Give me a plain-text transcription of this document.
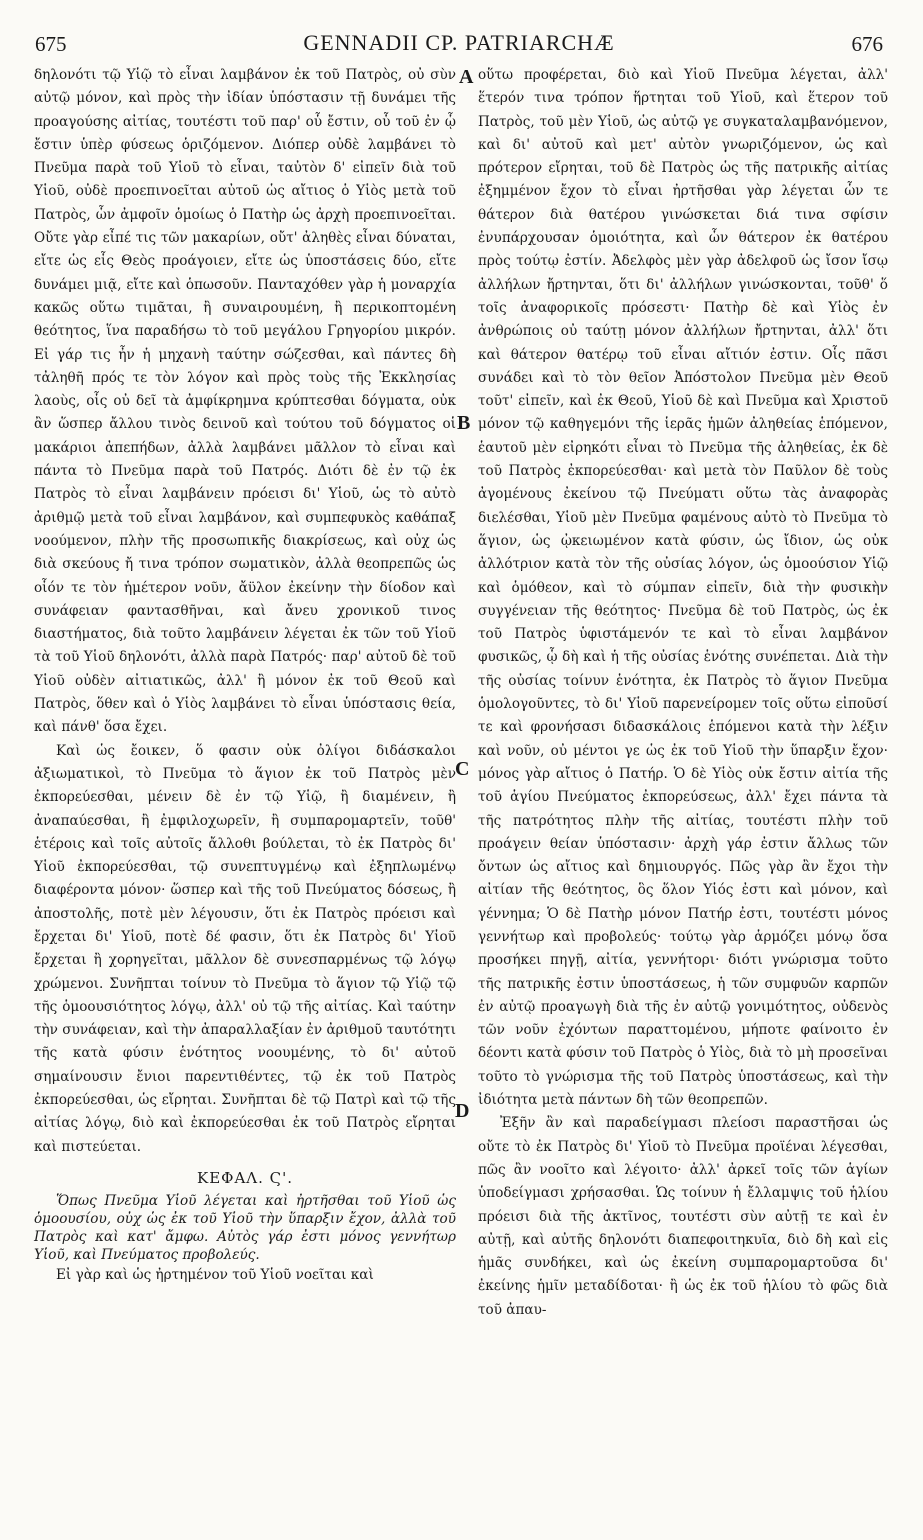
675	GENNADII CP. PATRIARCHÆ	676

δηλονότι τῷ Υἱῷ τὸ εἶναι λαμβάνον ἐκ τοῦ Πατρὸς, οὐ σὺν αὐτῷ μόνον, καὶ πρὸς τὴν ἰδίαν ὑπόστασιν τῇ δυνάμει τῆς προαγούσης αἰτίας, τουτέστι τοῦ παρ' οὗ ἔστιν, οὗ τοῦ ἐν ᾧ ἔστιν ὑπὲρ φύσεως ὁριζόμενον. Διόπερ οὐδὲ λαμβάνει τὸ Πνεῦμα παρὰ τοῦ Υἱοῦ τὸ εἶναι, ταὐτὸν δ' εἰπεῖν διὰ τοῦ Υἱοῦ, οὐδὲ προεπινοεῖται αὐτοῦ ὡς αἴτιος ὁ Υἱὸς μετὰ τοῦ Πατρὸς, ὧν ἀμφοῖν ὁμοίως ὁ Πατὴρ ὡς ἀρχὴ προεπινοεῖται. Οὔτε γὰρ εἶπέ τις τῶν μακαρίων, οὔτ' ἀληθὲς εἶναι δύναται, εἴτε ὡς εἷς Θεὸς προάγοιεν, εἴτε ὡς ὑποστάσεις δύο, εἴτε δυνάμει μιᾷ, εἴτε καὶ ὁπωσοῦν. Πανταχόθεν γὰρ ἡ μοναρχία κακῶς οὕτω τιμᾶται, ἢ συναιρουμένη, ἢ περικοπτομένη θεότητος, ἵνα παραδήσω τὸ τοῦ μεγάλου Γρηγορίου μικρόν. Εἰ γάρ τις ἦν ἡ μηχανὴ ταύτην σώζεσθαι, καὶ πάντες δὴ τἀληθῆ πρός τε τὸν λόγον καὶ πρὸς τοὺς τῆς Ἐκκλησίας λαοὺς, οἷς οὐ δεῖ τὰ ἀμφίκρημνα κρύπτεσθαι δόγματα, οὐκ ἂν ὥσπερ ἄλλου τινὸς δεινοῦ καὶ τούτου τοῦ δόγματος οἱ μακάριοι ἀπεπήδων, ἀλλὰ λαμβάνει μᾶλλον τὸ εἶναι καὶ πάντα τὸ Πνεῦμα παρὰ τοῦ Πατρός. Διότι δὲ ἐν τῷ ἐκ Πατρὸς τὸ εἶναι λαμβάνειν πρόεισι δι' Υἱοῦ, ὡς τὸ αὐτὸ ἀριθμῷ μετὰ τοῦ εἶναι λαμβάνον, καὶ συμπεφυκὸς καθάπαξ νοούμενον, πλὴν τῆς προσωπικῆς διακρίσεως, καὶ οὐχ ὡς διὰ σκεύους ἤ τινα τρόπον σωματικὸν, ἀλλὰ θεοπρεπῶς ὡς οἷόν τε τὸν ἡμέτερον νοῦν, ἄϋλον ἐκείνην τὴν δίοδον καὶ συνάφειαν φαντασθῆναι, καὶ ἄνευ χρονικοῦ τινος διαστήματος, διὰ τοῦτο λαμβάνειν λέγεται ἐκ τῶν τοῦ Υἱοῦ τὰ τοῦ Υἱοῦ δηλονότι, ἀλλὰ παρὰ Πατρός· παρ' αὐτοῦ δὲ τοῦ Υἱοῦ οὐδὲν αἰτιατικῶς, ἀλλ' ἢ μόνον ἐκ τοῦ Θεοῦ καὶ Πατρὸς, ὅθεν καὶ ὁ Υἱὸς λαμβάνει τὸ εἶναι ὑπόστασις θεία, καὶ πάνθ' ὅσα ἔχει.

Καὶ ὡς ἔοικεν, ὅ φασιν οὐκ ὀλίγοι διδάσκαλοι ἀξιωματικοὶ, τὸ Πνεῦμα τὸ ἅγιον ἐκ τοῦ Πατρὸς μὲν ἐκπορεύεσθαι, μένειν δὲ ἐν τῷ Υἱῷ, ἢ διαμένειν, ἢ ἀναπαύεσθαι, ἢ ἐμφιλοχωρεῖν, ἢ συμπαρομαρτεῖν, τοῦθ' ἑτέροις καὶ τοῖς αὐτοῖς ἄλλοθι βούλεται, τὸ ἐκ Πατρὸς δι' Υἱοῦ ἐκπορεύεσθαι, τῷ συνεπτυγμένῳ καὶ ἐξηπλωμένῳ διαφέροντα μόνον· ὥσπερ καὶ τῆς τοῦ Πνεύματος δόσεως, ἢ ἀποστολῆς, ποτὲ μὲν λέγουσιν, ὅτι ἐκ Πατρὸς πρόεισι καὶ ἔρχεται δι' Υἱοῦ, ποτὲ δέ φασιν, ὅτι ἐκ Πατρὸς δι' Υἱοῦ ἔρχεται ἢ χορηγεῖται, μᾶλλον δὲ συνεσπαρμένως τῷ λόγῳ χρώμενοι. Συνῆπται τοίνυν τὸ Πνεῦμα τὸ ἅγιον τῷ Υἱῷ τῷ τῆς ὁμοουσιότητος λόγῳ, ἀλλ' οὐ τῷ τῆς αἰτίας. Καὶ ταύτην τὴν συνάφειαν, καὶ τὴν ἀπαραλλαξίαν ἐν ἀριθμοῦ ταυτότητι τῆς κατὰ φύσιν ἑνότητος νοουμένης, τὸ δι' αὐτοῦ σημαίνουσιν ἔνιοι παρεντιθέντες, τῷ ἐκ τοῦ Πατρὸς ἐκπορεύεσθαι, ὡς εἴρηται. Συνῆπται δὲ τῷ Πατρὶ καὶ τῷ τῆς αἰτίας λόγῳ, διὸ καὶ ἐκπορεύεσθαι ἐκ τοῦ Πατρὸς εἴρηται καὶ πιστεύεται.

ΚΕΦΑΛ. Ϛ'.

Ὅπως Πνεῦμα Υἱοῦ λέγεται καὶ ἠρτῆσθαι τοῦ Υἱοῦ ὡς ὁμοουσίου, οὐχ ὡς ἐκ τοῦ Υἱοῦ τὴν ὕπαρξιν ἔχον, ἀλλὰ τοῦ Πατρὸς καὶ κατ' ἄμφω. Αὐτὸς γάρ ἐστι μόνος γεννήτωρ Υἱοῦ, καὶ Πνεύματος προβολεύς.

Εἰ γὰρ καὶ ὡς ἠρτημένον τοῦ Υἱοῦ νοεῖται καὶ

οὕτω προφέρεται, διὸ καὶ Υἱοῦ Πνεῦμα λέγεται, ἀλλ' ἕτερόν τινα τρόπον ἥρτηται τοῦ Υἱοῦ, καὶ ἕτερον τοῦ Πατρὸς, τοῦ μὲν Υἱοῦ, ὡς αὐτῷ γε συγκαταλαμβανόμενον, καὶ δι' αὐτοῦ καὶ μετ' αὐτὸν γνωριζόμενον, ὡς καὶ πρότερον εἴρηται, τοῦ δὲ Πατρὸς ὡς τῆς πατρικῆς αἰτίας ἐξημμένον ἔχον τὸ εἶναι ἠρτῆσθαι γὰρ λέγεται ὧν τε θάτερον διὰ θατέρου γινώσκεται διά τινα σφίσιν ἐνυπάρχουσαν ὁμοιότητα, καὶ ὧν θάτερον ἐκ θατέρου πρὸς τούτῳ ἐστίν. Ἀδελφὸς μὲν γὰρ ἀδελφοῦ ὡς ἴσον ἴσῳ ἀλλήλων ἤρτηνται, ὅτι δι' ἀλλήλων γινώσκονται, τοῦθ' ὅ τοῖς ἀναφορικοῖς πρόσεστι· Πατὴρ δὲ καὶ Υἱὸς ἐν ἀνθρώποις οὐ ταύτῃ μόνον ἀλλήλων ἤρτηνται, ἀλλ' ὅτι καὶ θάτερον θατέρῳ τοῦ εἶναι αἴτιόν ἐστιν. Οἷς πᾶσι συνάδει καὶ τὸ τὸν θεῖον Ἀπόστολον Πνεῦμα μὲν Θεοῦ τοῦτ' εἰπεῖν, καὶ ἐκ Θεοῦ, Υἱοῦ δὲ καὶ Πνεῦμα καὶ Χριστοῦ μόνον τῷ καθηγεμόνι τῆς ἱερᾶς ἡμῶν ἀληθείας ἑπόμενον, ἑαυτοῦ μὲν εἰρηκότι εἶναι τὸ Πνεῦμα τῆς ἀληθείας, ἐκ δὲ τοῦ Πατρὸς ἐκπορεύεσθαι· καὶ μετὰ τὸν Παῦλον δὲ τοὺς ἀγομένους ἐκείνου τῷ Πνεύματι οὕτω τὰς ἀναφορὰς διελέσθαι, Υἱοῦ μὲν Πνεῦμα φαμένους αὐτὸ τὸ Πνεῦμα τὸ ἅγιον, ὡς ᾠκειωμένον κατὰ φύσιν, ὡς ἴδιον, ὡς οὐκ ἀλλότριον κατὰ τὸν τῆς οὐσίας λόγον, ὡς ὁμοούσιον Υἱῷ καὶ ὁμόθεον, καὶ τὸ σύμπαν εἰπεῖν, διὰ τὴν φυσικὴν συγγένειαν τῆς θεότητος· Πνεῦμα δὲ τοῦ Πατρὸς, ὡς ἐκ τοῦ Πατρὸς ὑφιστάμενόν τε καὶ τὸ εἶναι λαμβάνον φυσικῶς, ᾧ δὴ καὶ ἡ τῆς οὐσίας ἑνότης συνέπεται. Διὰ τὴν τῆς οὐσίας τοίνυν ἑνότητα, ἐκ Πατρὸς τὸ ἅγιον Πνεῦμα ὁμολογοῦντες, τὸ δι' Υἱοῦ παρενείρομεν τοῖς οὕτω εἰποῦσί τε καὶ φρονήσασι διδασκάλοις ἑπόμενοι κατὰ τὴν λέξιν καὶ νοῦν, οὐ μέντοι γε ὡς ἐκ τοῦ Υἱοῦ τὴν ὕπαρξιν ἔχον· μόνος γὰρ αἴτιος ὁ Πατήρ. Ὁ δὲ Υἱὸς οὐκ ἔστιν αἰτία τῆς τοῦ ἁγίου Πνεύματος ἐκπορεύσεως, ἀλλ' ἔχει πάντα τὰ τῆς πατρότητος πλὴν τῆς αἰτίας, τουτέστι πλὴν τοῦ προάγειν θείαν ὑπόστασιν· ἀρχὴ γάρ ἐστιν ἄλλως τῶν ὄντων ὡς αἴτιος καὶ δημιουργός. Πῶς γὰρ ἂν ἔχοι τὴν αἰτίαν τῆς θεότητος, ὃς ὅλον Υἱός ἐστι καὶ μόνον, καὶ γέννημα; Ὁ δὲ Πατὴρ μόνον Πατήρ ἐστι, τουτέστι μόνος γεννήτωρ καὶ προβολεύς· τούτῳ γὰρ ἁρμόζει μόνῳ ὅσα προσήκει πηγῇ, αἰτία, γεννήτορι· διότι γνώρισμα τοῦτο τῆς πατρικῆς ἐστιν ὑποστάσεως, ἡ τῶν συμφυῶν καρπῶν ἐν αὐτῷ προαγωγὴ διὰ τῆς ἐν αὐτῷ γονιμότητος, οὐδενὸς τῶν νοῦν ἐχόντων παραττομένου, μήποτε φαίνοιτο ἐν δέοντι κατὰ φύσιν τοῦ Πατρὸς ὁ Υἱὸς, διὰ τὸ μὴ προσεῖναι τοῦτο τὸ γνώρισμα τῆς τοῦ Πατρὸς ὑποστάσεως, καὶ τὴν ἰδιότητα μετὰ πάντων δὴ τῶν θεοπρεπῶν.

Ἐξῆν ἂν καὶ παραδείγμασι πλείοσι παραστῆσαι ὡς οὔτε τὸ ἐκ Πατρὸς δι' Υἱοῦ τὸ Πνεῦμα προϊέναι λέγεσθαι, πῶς ἂν νοοῖτο καὶ λέγοιτο· ἀλλ' ἀρκεῖ τοῖς τῶν ἁγίων ὑποδείγμασι χρήσασθαι. Ὡς τοίνυν ἡ ἔλλαμψις τοῦ ἡλίου πρόεισι διὰ τῆς ἀκτῖνος, τουτέστι σὺν αὐτῇ τε καὶ ἐν αὐτῇ, καὶ αὐτῆς δηλονότι διαπεφοιτηκυῖα, διὸ δὴ καὶ εἰς ἡμᾶς συνδήκει, καὶ ὡς ἐκείνη συμπαρομαρτοῦσα δι' ἐκείνης ἡμῖν μεταδίδοται· ἢ ὡς ἐκ τοῦ ἡλίου τὸ φῶς διὰ τοῦ ἀπαυ-

A
B
C
D
